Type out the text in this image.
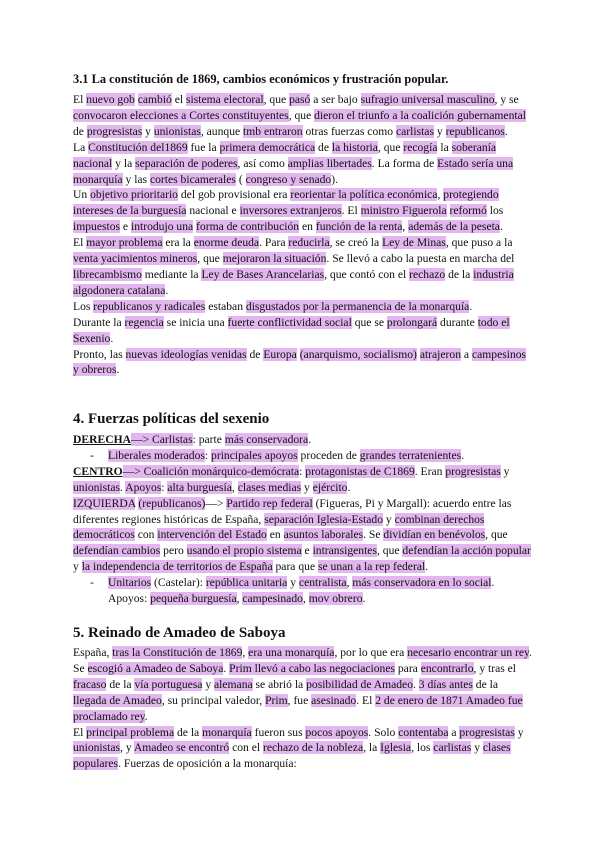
3.1 La constitución de 1869, cambios económicos y frustración popular.

El nuevo gob cambió el sistema electoral, que pasó a ser bajo sufragio universal masculino, y se convocaron elecciones a Cortes constituyentes, que dieron el triunfo a la coalición gubernamental de progresistas y unionistas, aunque tmb entraron otras fuerzas como carlistas y republicanos.

La Constitución del1869 fue la primera democrática de la historia, que recogía la soberanía nacional y la separación de poderes, así como amplias libertades. La forma de Estado sería una monarquía y las cortes bicamerales ( congreso y senado).

Un objetivo prioritario del gob provisional era reorientar la política económica, protegiendo intereses de la burguesía nacional e inversores extranjeros. El ministro Figuerola reformó los impuestos e introdujo una forma de contribución en función de la renta, además de la peseta.

El mayor problema era la enorme deuda. Para reducirla, se creó la Ley de Minas, que puso a la venta yacimientos mineros, que mejoraron la situación. Se llevó a cabo la puesta en marcha del librecambismo mediante la Ley de Bases Arancelarias, que contó con el rechazo de la industria algodonera catalana.

Los republicanos y radicales estaban disgustados por la permanencia de la monarquía.

Durante la regencia se inicia una fuerte conflictividad social que se prolongará durante todo el Sexenio.

Pronto, las nuevas ideologías venidas de Europa (anarquismo, socialismo) atrajeron a campesinos y obreros.

4. Fuerzas políticas del sexenio

DERECHA—> Carlistas: parte más conservadora.

- Liberales moderados: principales apoyos proceden de grandes terratenientes.

CENTRO—> Coalición monárquico-demócrata: protagonistas de C1869. Eran progresistas y unionistas. Apoyos: alta burguesía, clases medias y ejército.

IZQUIERDA (republicanos)—> Partido rep federal (Figueras, Pi y Margall): acuerdo entre las diferentes regiones históricas de España, separación Iglesia-Estado y combinan derechos democráticos con intervención del Estado en asuntos laborales. Se dividían en benévolos, que defendían cambios pero usando el propio sistema e intransigentes, que defendían la acción popular y la independencia de territorios de España para que se unan a la rep federal.

- Unitarios (Castelar): república unitaria y centralista, más conservadora en lo social.

Apoyos: pequeña burguesía, campesinado, mov obrero.

5. Reinado de Amadeo de Saboya

España, tras la Constitución de 1869, era una monarquía, por lo que era necesario encontrar un rey. Se escogió a Amadeo de Saboya. Prim llevó a cabo las negociaciones para encontrarlo, y tras el fracaso de la vía portuguesa y alemana se abrió la posibilidad de Amadeo. 3 días antes de la llegada de Amadeo, su principal valedor, Prim, fue asesinado. El 2 de enero de 1871 Amadeo fue proclamado rey.

El principal problema de la monarquía fueron sus pocos apoyos. Solo contentaba a progresistas y unionistas, y Amadeo se encontró con el rechazo de la nobleza, la Iglesia, los carlistas y clases populares. Fuerzas de oposición a la monarquía:
